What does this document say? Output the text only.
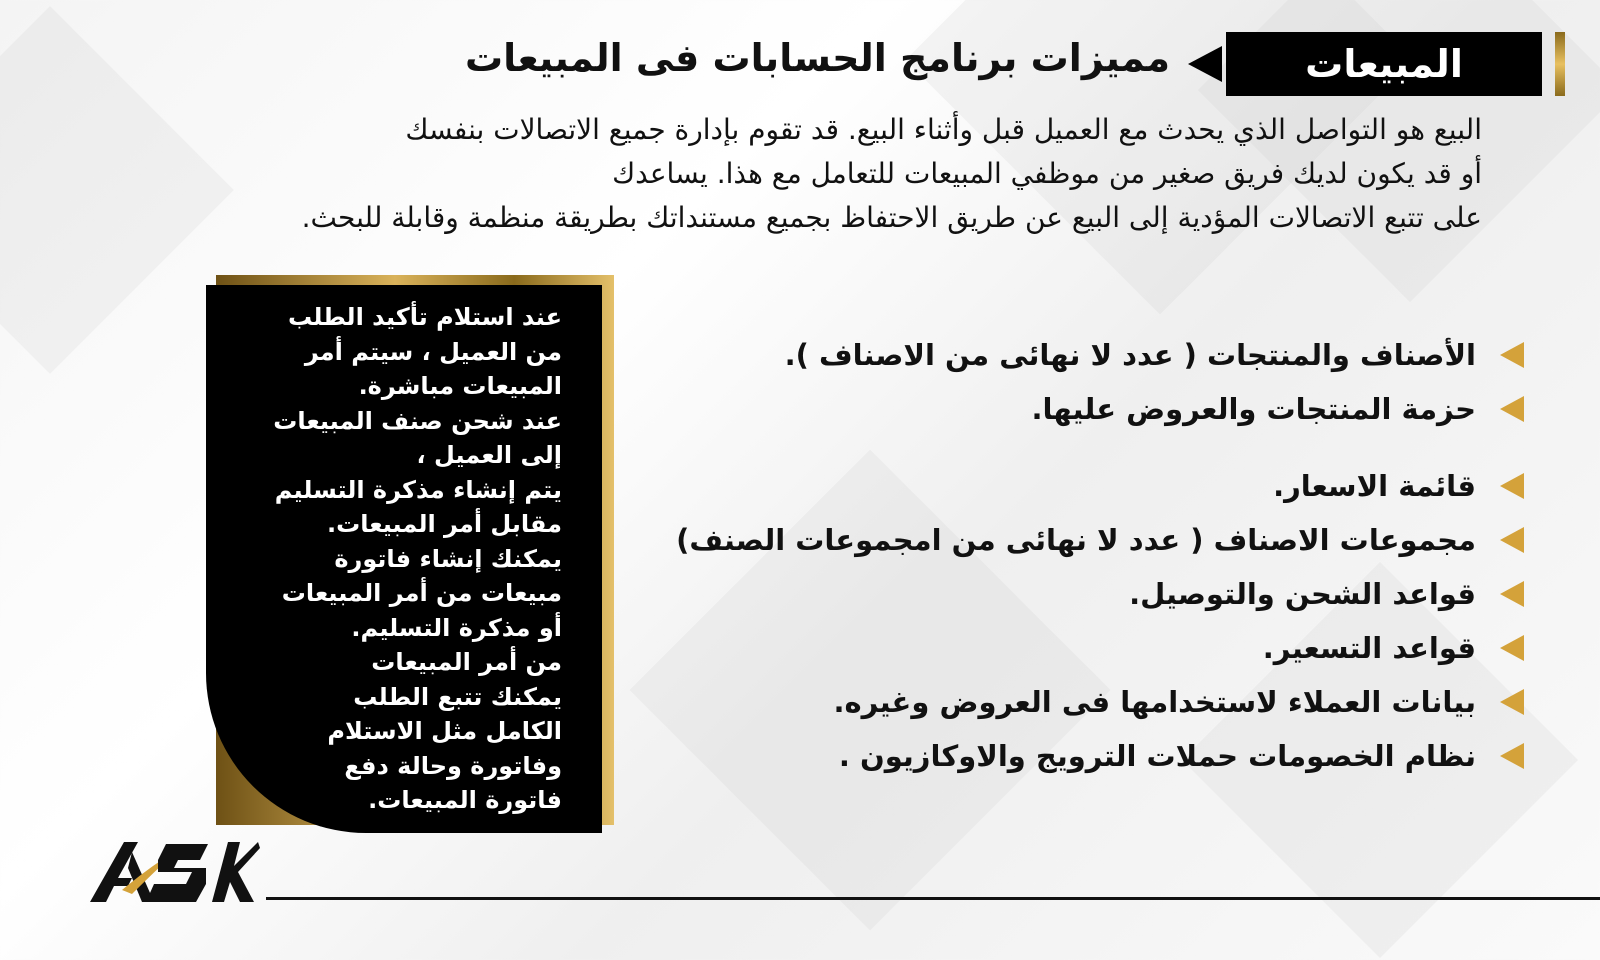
المبيعات
مميزات برنامج الحسابات فى المبيعات
البيع هو التواصل الذي يحدث مع العميل قبل وأثناء البيع. قد تقوم بإدارة جميع الاتصالات بنفسك
أو قد يكون لديك فريق صغير من موظفي المبيعات للتعامل مع هذا. يساعدك
على تتبع الاتصالات المؤدية إلى البيع عن طريق الاحتفاظ بجميع مستنداتك بطريقة منظمة وقابلة للبحث.
الأصناف والمنتجات ( عدد لا نهائى من الاصناف ).
حزمة المنتجات والعروض عليها.
قائمة الاسعار.
مجموعات الاصناف ( عدد لا نهائى من امجموعات الصنف)
قواعد الشحن والتوصيل.
قواعد التسعير.
بيانات العملاء لاستخدامها فى العروض وغيره.
نظام الخصومات حملات الترويج والاوكازيون .
عند استلام تأكيد الطلب
من العميل ، سيتم أمر
المبيعات مباشرة.
عند شحن صنف المبيعات
إلى العميل ،
يتم إنشاء مذكرة التسليم
مقابل أمر المبيعات.
يمكنك إنشاء فاتورة
مبيعات من أمر المبيعات
أو مذكرة التسليم.
من أمر المبيعات
يمكنك تتبع الطلب
الكامل مثل الاستلام
وفاتورة وحالة دفع
فاتورة المبيعات.
